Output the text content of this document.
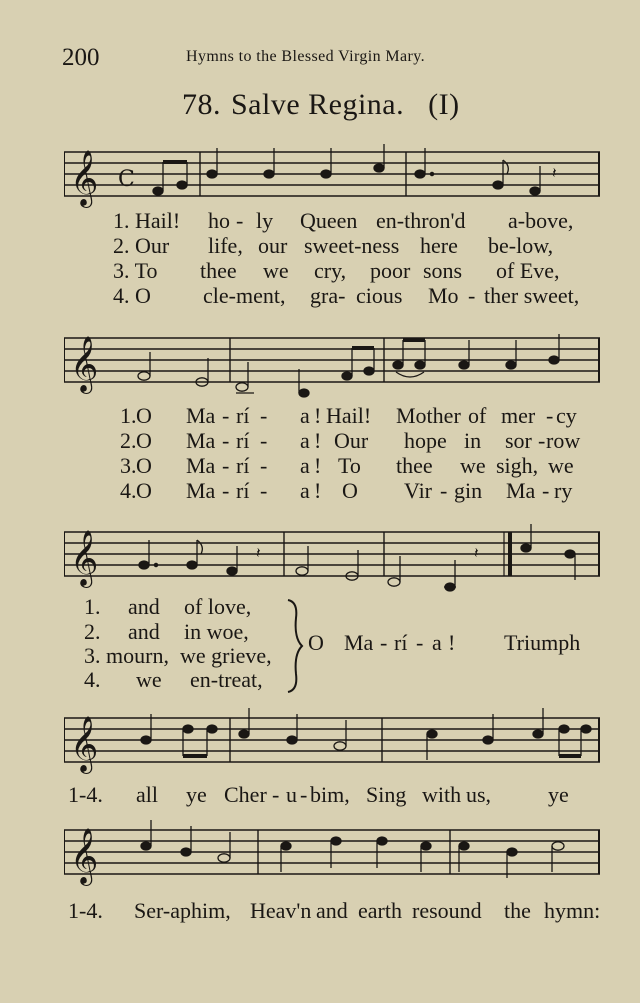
200	Hymns to the Blessed Virgin Mary.
78. Salve Regina. (I)
𝄞 C	𝄽
𝄞
𝄞	𝄽	𝄽
𝄞
𝄞
1. Hail! ho - ly Queen en-thron'd a-bove,
2. Our life, our sweet-ness here be-low,
3. To thee we cry, poor sons of Eve,
4. O cle-ment, gra- cious Mo - ther sweet,
1. O Ma - rí - a ! Hail! Mother of mer - cy
2. O Ma - rí - a ! Our hope in sor - row
3. O Ma - rí - a ! To thee we sigh, we
4. O Ma - rí - a ! O Vir - gin Ma - ry
1. and of love,
2. and in woe,
3. mourn, we grieve,
4. we en-treat,
O Ma - rí - a ! Triumph
1-4. all ye Cher - u - bim, Sing with us,	ye
1-4. Ser-aphim, Heav'n and earth resound the hymn:
